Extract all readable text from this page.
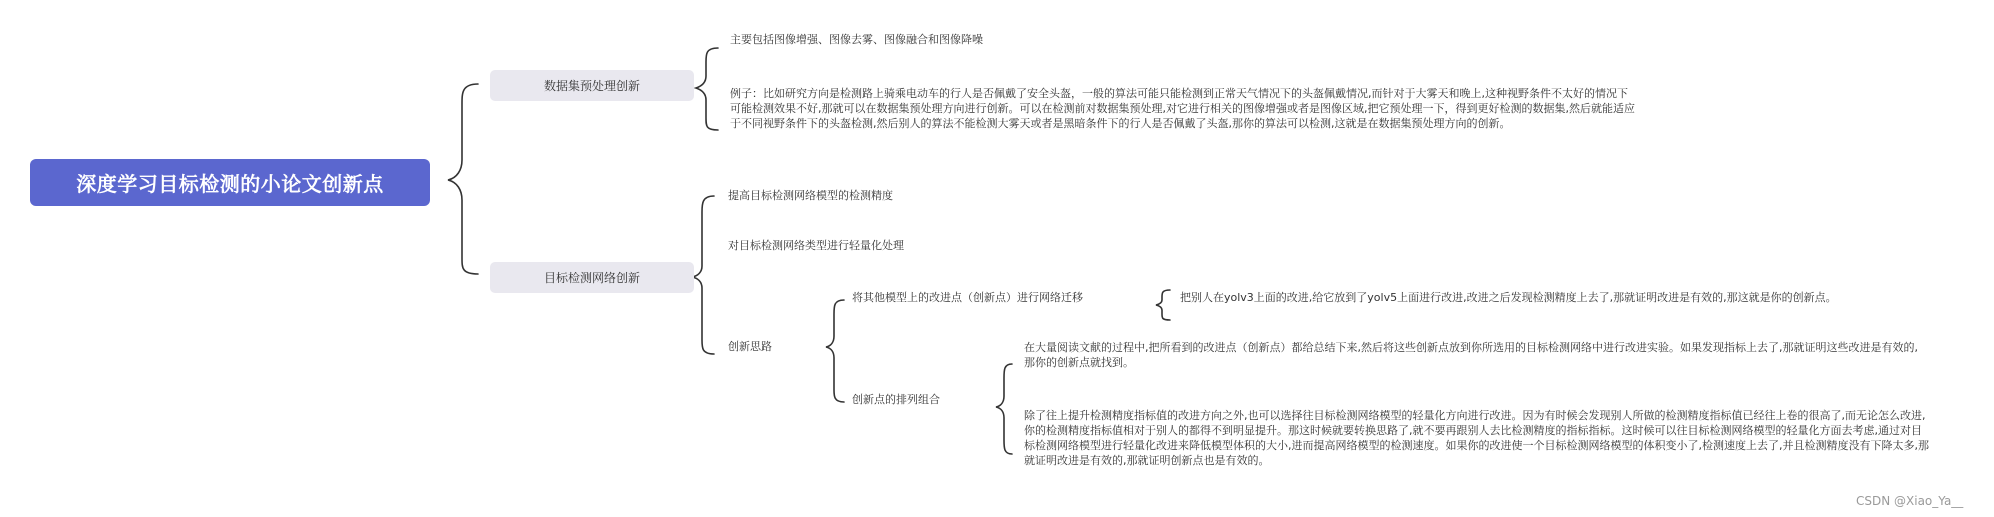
深度学习目标检测的小论文创新点
数据集预处理创新
目标检测网络创新
主要包括图像增强、图像去雾、图像融合和图像降噪
例子：比如研究方向是检测路上骑乘电动车的行人是否佩戴了安全头盔，一般的算法可能只能检测到正常天气情况下的头盔佩戴情况,而针对于大雾天和晚上,这种视野条件不太好的情况下可能检测效果不好,那就可以在数据集预处理方向进行创新。可以在检测前对数据集预处理,对它进行相关的图像增强或者是图像区域,把它预处理一下，得到更好检测的数据集,然后就能适应于不同视野条件下的头盔检测,然后别人的算法不能检测大雾天或者是黑暗条件下的行人是否佩戴了头盔,那你的算法可以检测,这就是在数据集预处理方向的创新。
提高目标检测网络模型的检测精度
对目标检测网络类型进行轻量化处理
创新思路
将其他模型上的改进点（创新点）进行网络迁移	把别人在yolv3上面的改进,给它放到了yolv5上面进行改进,改进之后发现检测精度上去了,那就证明改进是有效的,那这就是你的创新点。
创新点的排列组合
在大量阅读文献的过程中,把所看到的改进点（创新点）都给总结下来,然后将这些创新点放到你所选用的目标检测网络中进行改进实验。如果发现指标上去了,那就证明这些改进是有效的,那你的创新点就找到。
除了往上提升检测精度指标值的改进方向之外,也可以选择往目标检测网络模型的轻量化方向进行改进。因为有时候会发现别人所做的检测精度指标值已经往上卷的很高了,而无论怎么改进,你的检测精度指标值相对于别人的都得不到明显提升。那这时候就要转换思路了,就不要再跟别人去比检测精度的指标指标。这时候可以往目标检测网络模型的轻量化方面去考虑,通过对目标检测网络模型进行轻量化改进来降低模型体积的大小,进而提高网络模型的检测速度。如果你的改进使一个目标检测网络模型的体积变小了,检测速度上去了,并且检测精度没有下降太多,那就证明改进是有效的,那就证明创新点也是有效的。
CSDN @Xiao_Ya__
